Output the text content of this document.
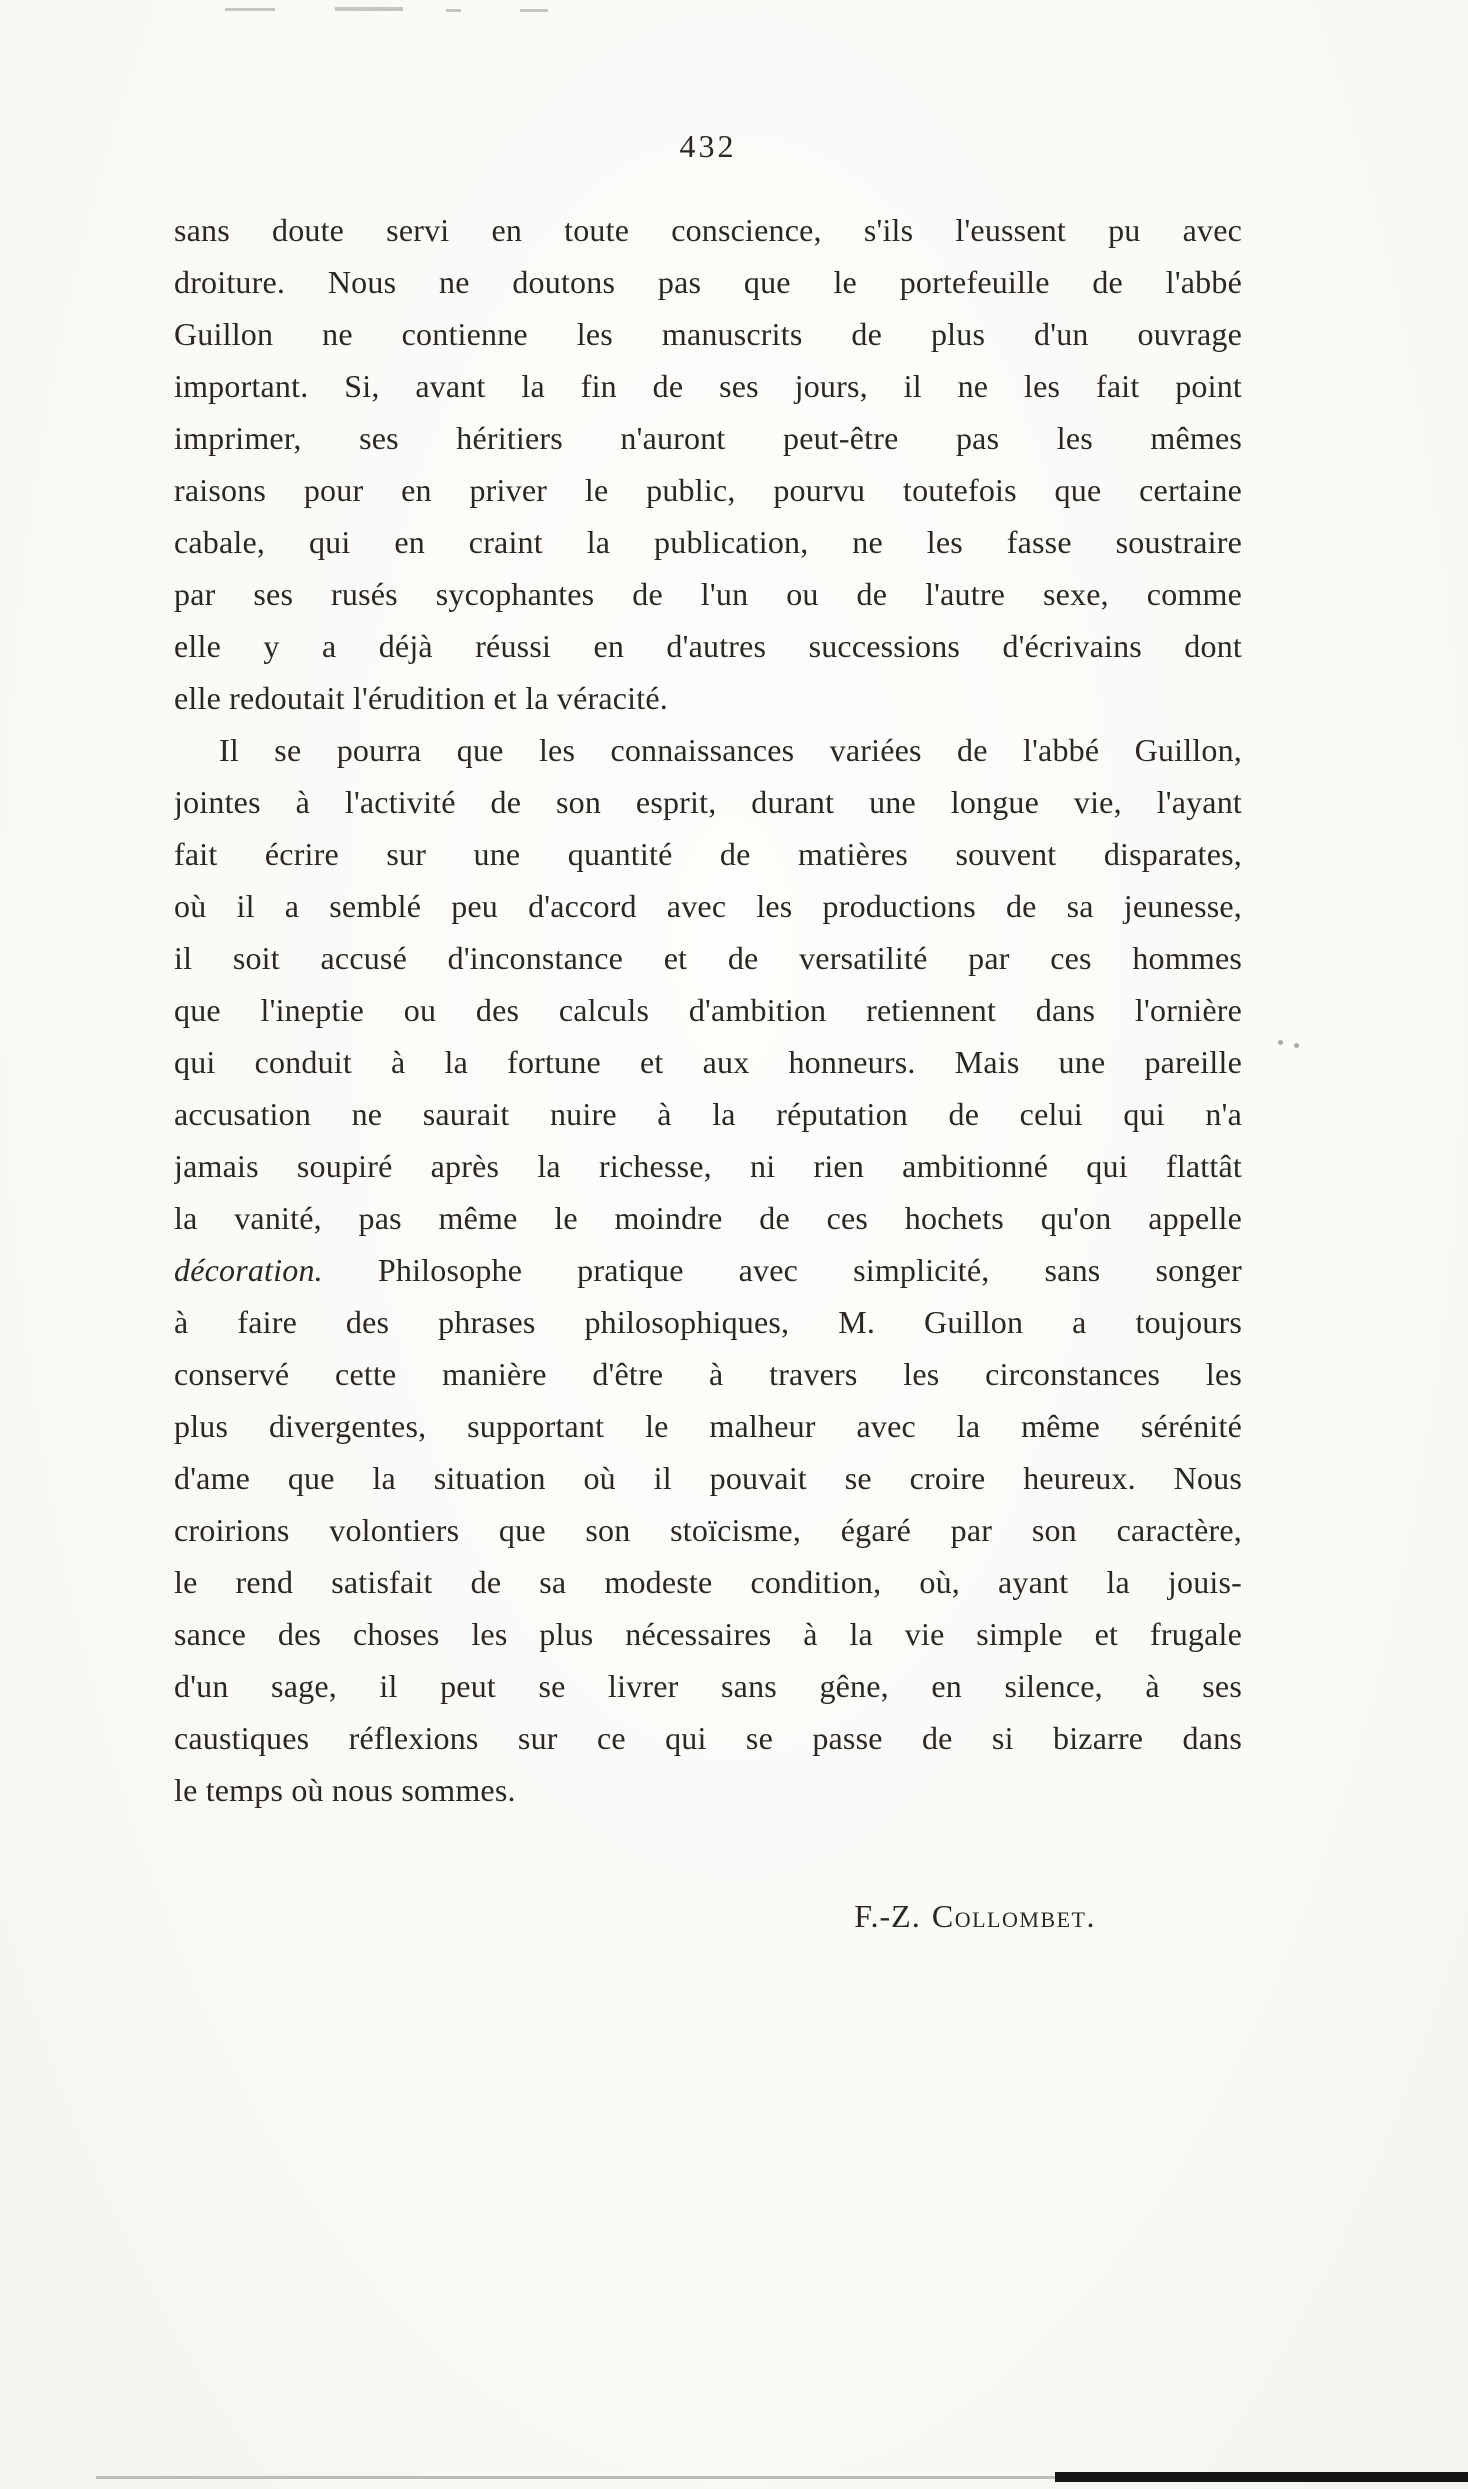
432
sans doute servi en toute conscience, s'ils l'eussent pu avec
droiture. Nous ne doutons pas que le portefeuille de l'abbé
Guillon ne contienne les manuscrits de plus d'un ouvrage
important. Si, avant la fin de ses jours, il ne les fait point
imprimer, ses héritiers n'auront peut-être pas les mêmes
raisons pour en priver le public, pourvu toutefois que certaine
cabale, qui en craint la publication, ne les fasse soustraire
par ses rusés sycophantes de l'un ou de l'autre sexe, comme
elle y a déjà réussi en d'autres successions d'écrivains dont
elle redoutait l'érudition et la véracité.
Il se pourra que les connaissances variées de l'abbé Guillon,
jointes à l'activité de son esprit, durant une longue vie, l'ayant
fait écrire sur une quantité de matières souvent disparates,
où il a semblé peu d'accord avec les productions de sa jeunesse,
il soit accusé d'inconstance et de versatilité par ces hommes
que l'ineptie ou des calculs d'ambition retiennent dans l'ornière
qui conduit à la fortune et aux honneurs. Mais une pareille
accusation ne saurait nuire à la réputation de celui qui n'a
jamais soupiré après la richesse, ni rien ambitionné qui flattât
la vanité, pas même le moindre de ces hochets qu'on appelle
décoration. Philosophe pratique avec simplicité, sans songer
à faire des phrases philosophiques, M. Guillon a toujours
conservé cette manière d'être à travers les circonstances les
plus divergentes, supportant le malheur avec la même sérénité
d'ame que la situation où il pouvait se croire heureux. Nous
croirions volontiers que son stoïcisme, égaré par son caractère,
le rend satisfait de sa modeste condition, où, ayant la jouis-
sance des choses les plus nécessaires à la vie simple et frugale
d'un sage, il peut se livrer sans gêne, en silence, à ses
caustiques réflexions sur ce qui se passe de si bizarre dans
le temps où nous sommes.
F.-Z. Collombet.
